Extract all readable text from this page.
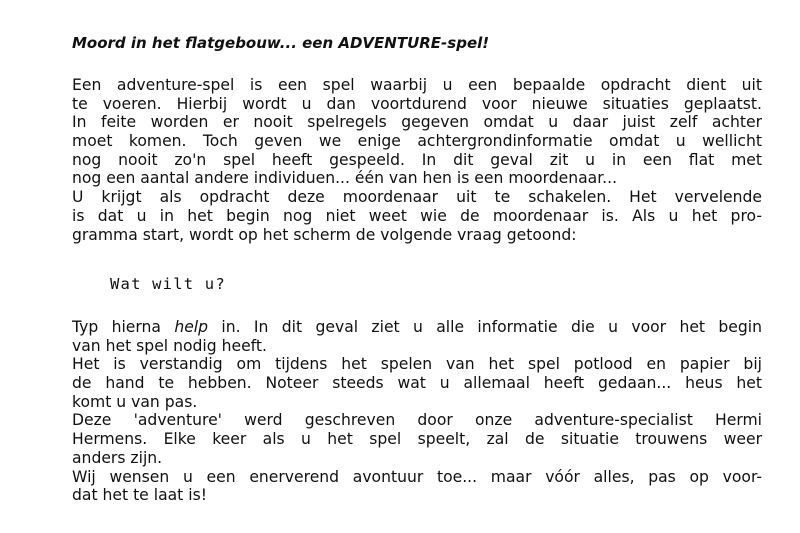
Moord in het flatgebouw... een ADVENTURE-spel!
Een adventure-spel is een spel waarbij u een bepaalde opdracht dient uit
te voeren. Hierbij wordt u dan voortdurend voor nieuwe situaties geplaatst.
In feite worden er nooit spelregels gegeven omdat u daar juist zelf achter
moet komen. Toch geven we enige achtergrondinformatie omdat u wellicht
nog nooit zo'n spel heeft gespeeld. In dit geval zit u in een flat met
nog een aantal andere individuen... één van hen is een moordenaar...
U krijgt als opdracht deze moordenaar uit te schakelen. Het vervelende
is dat u in het begin nog niet weet wie de moordenaar is. Als u het pro-
gramma start, wordt op het scherm de volgende vraag getoond:
Wat wilt u?
Typ hierna help in. In dit geval ziet u alle informatie die u voor het begin
van het spel nodig heeft.
Het is verstandig om tijdens het spelen van het spel potlood en papier bij
de hand te hebben. Noteer steeds wat u allemaal heeft gedaan... heus het
komt u van pas.
Deze 'adventure' werd geschreven door onze adventure-specialist Hermi
Hermens. Elke keer als u het spel speelt, zal de situatie trouwens weer
anders zijn.
Wij wensen u een enerverend avontuur toe... maar vóór alles, pas op voor-
dat het te laat is!
